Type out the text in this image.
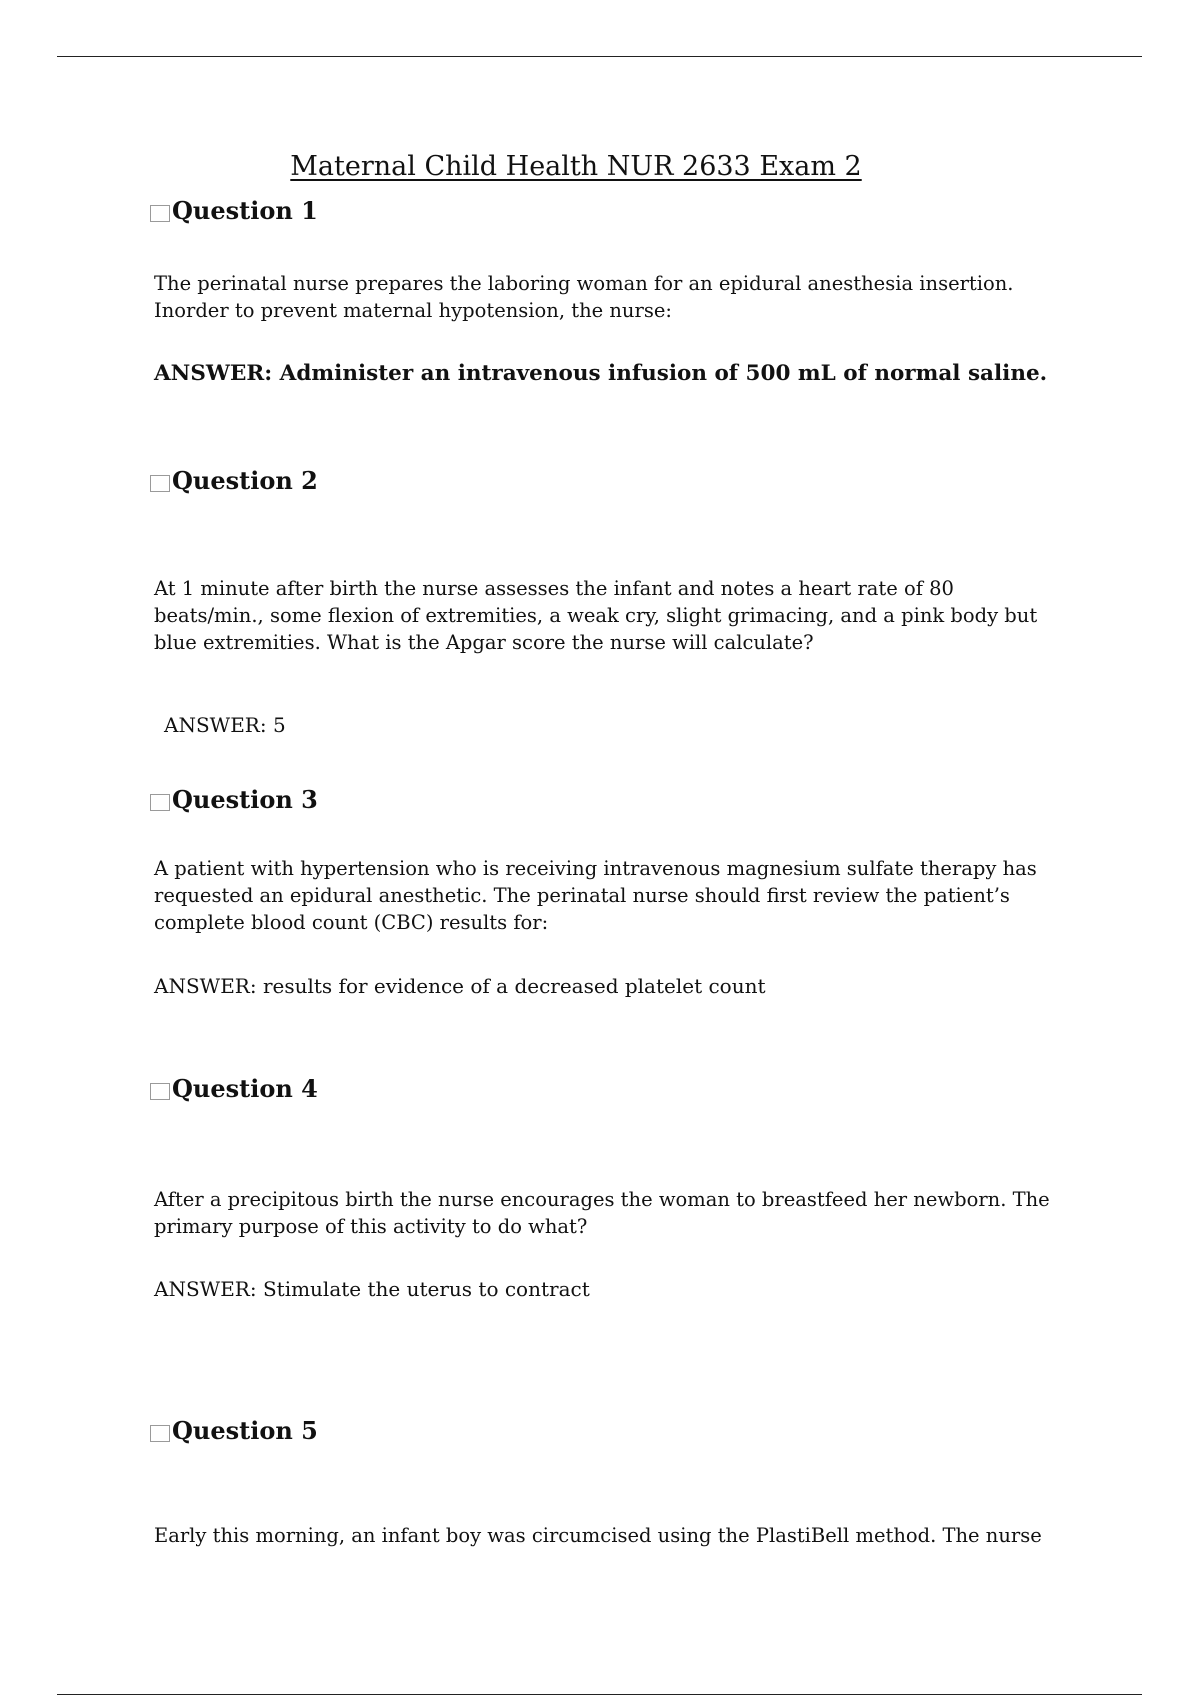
Maternal Child Health NUR 2633 Exam 2
Question 1
The perinatal nurse prepares the laboring woman for an epidural anesthesia insertion. Inorder to prevent maternal hypotension, the nurse:
ANSWER: Administer an intravenous infusion of 500 mL of normal saline.
Question 2
At 1 minute after birth the nurse assesses the infant and notes a heart rate of 80 beats/min., some flexion of extremities, a weak cry, slight grimacing, and a pink body but blue extremities. What is the Apgar score the nurse will calculate?
ANSWER: 5
Question 3
A patient with hypertension who is receiving intravenous magnesium sulfate therapy has requested an epidural anesthetic. The perinatal nurse should first review the patient’s complete blood count (CBC) results for:
ANSWER: results for evidence of a decreased platelet count
Question 4
After a precipitous birth the nurse encourages the woman to breastfeed her newborn. The primary purpose of this activity to do what?
ANSWER: Stimulate the uterus to contract
Question 5
Early this morning, an infant boy was circumcised using the PlastiBell method. The nurse
